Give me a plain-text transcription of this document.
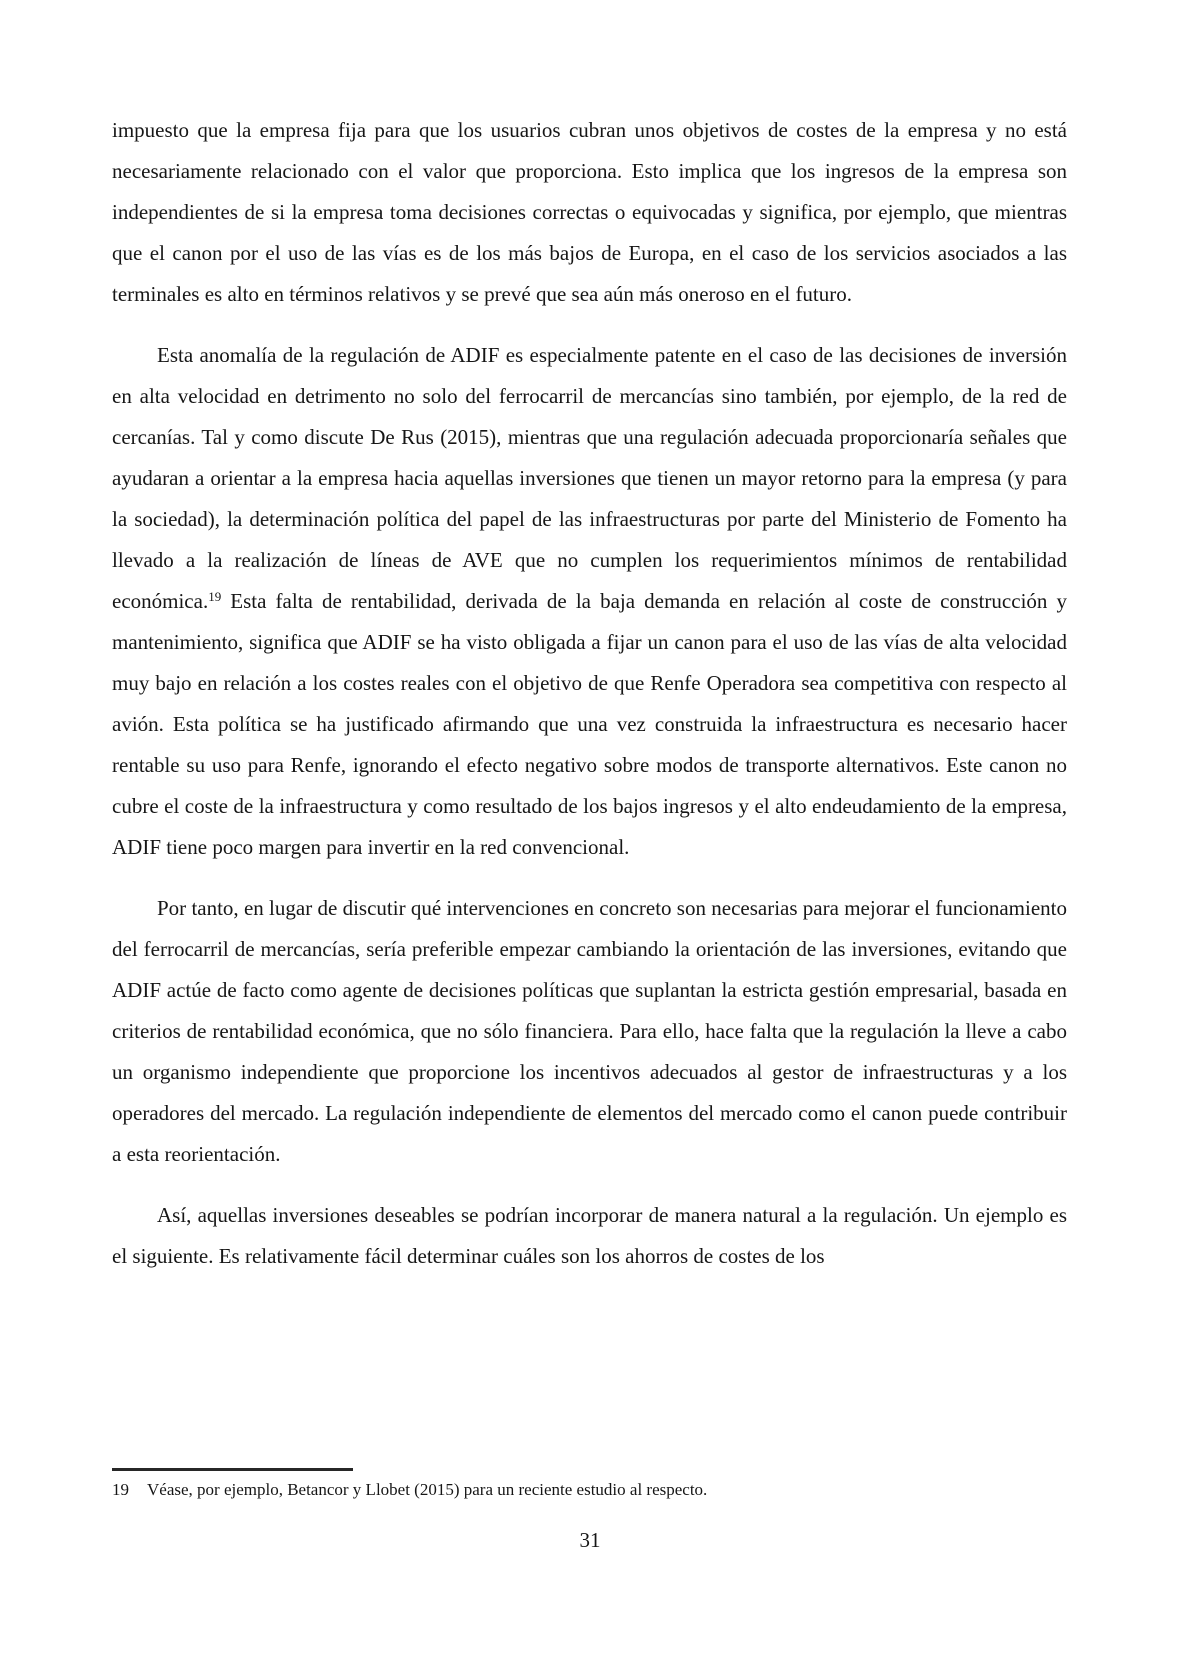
impuesto que la empresa fija para que los usuarios cubran unos objetivos de costes de la empresa y no está necesariamente relacionado con el valor que proporciona. Esto implica que los ingresos de la empresa son independientes de si la empresa toma decisiones correctas o equivocadas y significa, por ejemplo, que mientras que el canon por el uso de las vías es de los más bajos de Europa, en el caso de los servicios asociados a las terminales es alto en términos relativos y se prevé que sea aún más oneroso en el futuro.

Esta anomalía de la regulación de ADIF es especialmente patente en el caso de las decisiones de inversión en alta velocidad en detrimento no solo del ferrocarril de mercancías sino también, por ejemplo, de la red de cercanías. Tal y como discute De Rus (2015), mientras que una regulación adecuada proporcionaría señales que ayudaran a orientar a la empresa hacia aquellas inversiones que tienen un mayor retorno para la empresa (y para la sociedad), la determinación política del papel de las infraestructuras por parte del Ministerio de Fomento ha llevado a la realización de líneas de AVE que no cumplen los requerimientos mínimos de rentabilidad económica.$^{19}$ Esta falta de rentabilidad, derivada de la baja demanda en relación al coste de construcción y mantenimiento, significa que ADIF se ha visto obligada a fijar un canon para el uso de las vías de alta velocidad muy bajo en relación a los costes reales con el objetivo de que Renfe Operadora sea competitiva con respecto al avión. Esta política se ha justificado afirmando que una vez construida la infraestructura es necesario hacer rentable su uso para Renfe, ignorando el efecto negativo sobre modos de transporte alternativos. Este canon no cubre el coste de la infraestructura y como resultado de los bajos ingresos y el alto endeudamiento de la empresa, ADIF tiene poco margen para invertir en la red convencional.

Por tanto, en lugar de discutir qué intervenciones en concreto son necesarias para mejorar el funcionamiento del ferrocarril de mercancías, sería preferible empezar cambiando la orientación de las inversiones, evitando que ADIF actúe de facto como agente de decisiones políticas que suplantan la estricta gestión empresarial, basada en criterios de rentabilidad económica, que no sólo financiera. Para ello, hace falta que la regulación la lleve a cabo un organismo independiente que proporcione los incentivos adecuados al gestor de infraestructuras y a los operadores del mercado. La regulación independiente de elementos del mercado como el canon puede contribuir a esta reorientación.

Así, aquellas inversiones deseables se podrían incorporar de manera natural a la regulación. Un ejemplo es el siguiente. Es relativamente fácil determinar cuáles son los ahorros de costes de los

19 Véase, por ejemplo, Betancor y Llobet (2015) para un reciente estudio al respecto.
31
